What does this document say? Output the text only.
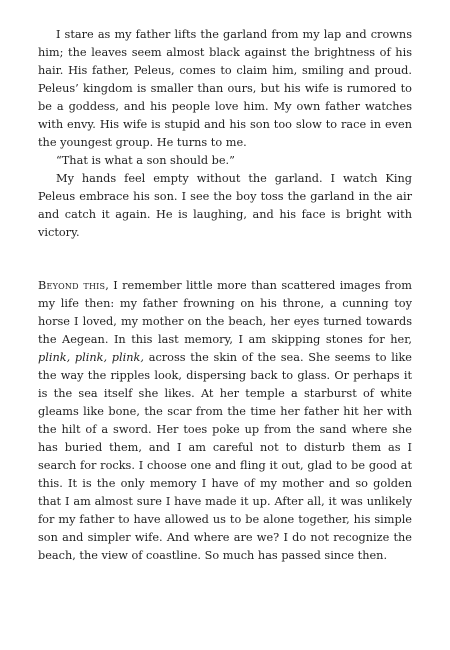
I stare as my father lifts the garland from my lap and crowns him; the leaves seem almost black against the brightness of his hair. His father, Peleus, comes to claim him, smiling and proud. Peleus’ kingdom is smaller than ours, but his wife is rumored to be a goddess, and his people love him. My own father watches with envy. His wife is stupid and his son too slow to race in even the youngest group. He turns to me.

“That is what a son should be.”

My hands feel empty without the garland. I watch King Peleus embrace his son. I see the boy toss the garland in the air and catch it again. He is laughing, and his face is bright with victory.

Beyond this, I remember little more than scattered images from my life then: my father frowning on his throne, a cunning toy horse I loved, my mother on the beach, her eyes turned towards the Aegean. In this last memory, I am skipping stones for her, plink, plink, plink, across the skin of the sea. She seems to like the way the ripples look, dispersing back to glass. Or perhaps it is the sea itself she likes. At her temple a starburst of white gleams like bone, the scar from the time her father hit her with the hilt of a sword. Her toes poke up from the sand where she has buried them, and I am careful not to disturb them as I search for rocks. I choose one and fling it out, glad to be good at this. It is the only memory I have of my mother and so golden that I am almost sure I have made it up. After all, it was unlikely for my father to have allowed us to be alone together, his simple son and simpler wife. And where are we? I do not recognize the beach, the view of coastline. So much has passed since then.
